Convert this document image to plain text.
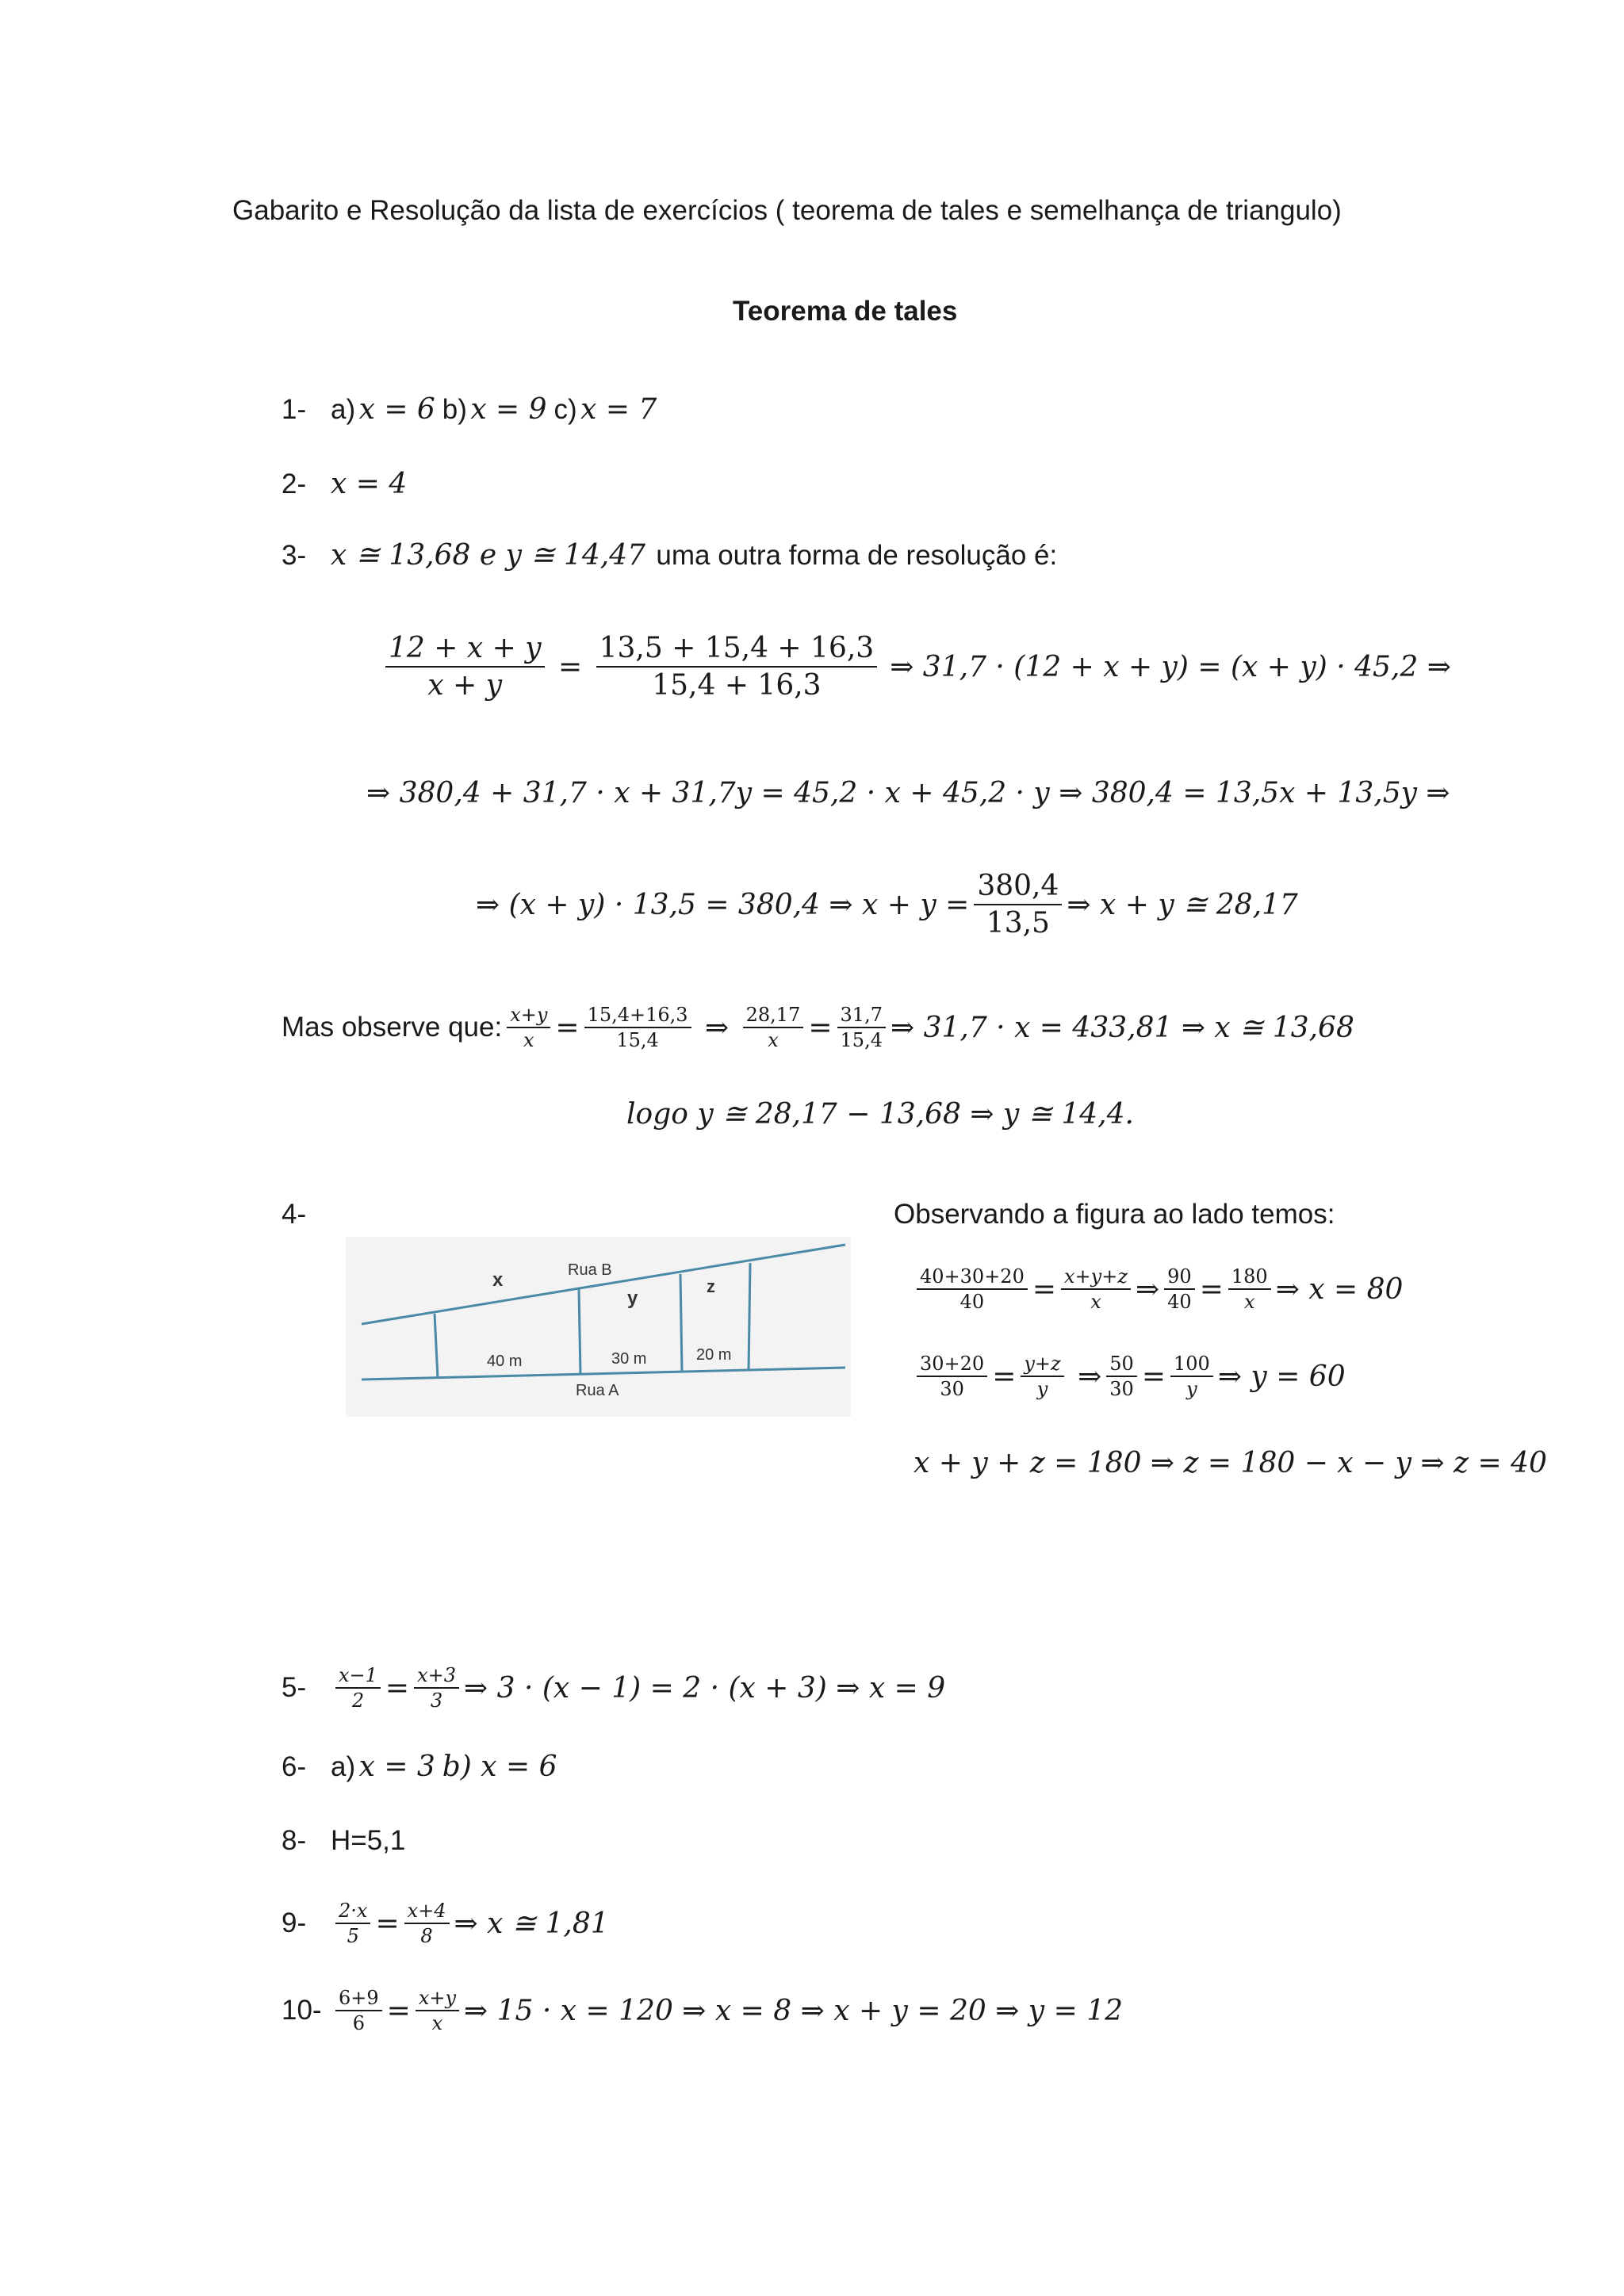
Gabarito e Resolução da lista de exercícios ( teorema de tales e semelhança de triangulo)
Teorema de tales
1- a)
x = 6
b)
x = 9
c)
x = 7
2- x = 4
3- x ≅ 13,68 e y ≅ 14,47
uma outra forma de resolução é:
$\frac{12 + x + y}{x + y} = \frac{13,5 + 15,4 + 16,3}{15,4 + 16,3}$ ⇒ 31,7 · (12 + x + y) = (x + y) · 45,2 ⇒
⇒ 380,4 + 31,7 · x + 31,7y = 45,2 · x + 45,2 · y ⇒ 380,4 = 13,5x + 13,5y ⇒
⇒ (x + y) · 13,5 = 380,4 ⇒ $x + y = \frac{380,4}{13,5}$ ⇒ x + y ≅ 28,17
Mas observe que: $\frac{x+y}{x} = \frac{15,4+16,3}{15,4}$ ⇒ $\frac{28,17}{x} = \frac{31,7}{15,4}$ ⇒ 31,7 · x = 433,81 ⇒ x ≅ 13,68
logo y ≅ 28,17 − 13,68 ⇒ y ≅ 14,4.
4-	Observando a figura ao lado temos:
x
y
z
Rua B
Rua A
40 m	30 m	20 m
$\frac{40+30+20}{40} = \frac{x+y+z}{x}$ ⇒ $\frac{90}{40} = \frac{180}{x}$ ⇒ x = 80
$\frac{30+20}{30} = \frac{y+z}{y}$ ⇒ $\frac{50}{30} = \frac{100}{y}$ ⇒ y = 60
x + y + z = 180 ⇒ z = 180 − x − y ⇒ z = 40
5-	$\frac{x-1}{2} = \frac{x+3}{3}$ ⇒ 3 · (x − 1) = 2 · (x + 3) ⇒ x = 9
6- a)
x = 3
b) x = 6
8- H=5,1
9-	$\frac{2\cdot x}{5} = \frac{x+4}{8}$ ⇒ x ≅ 1,81
$10- \frac{6+9}{6} = \frac{x+y}{x}$ ⇒ 15 · x = 120 ⇒ x = 8 ⇒ x + y = 20 ⇒ y = 12
